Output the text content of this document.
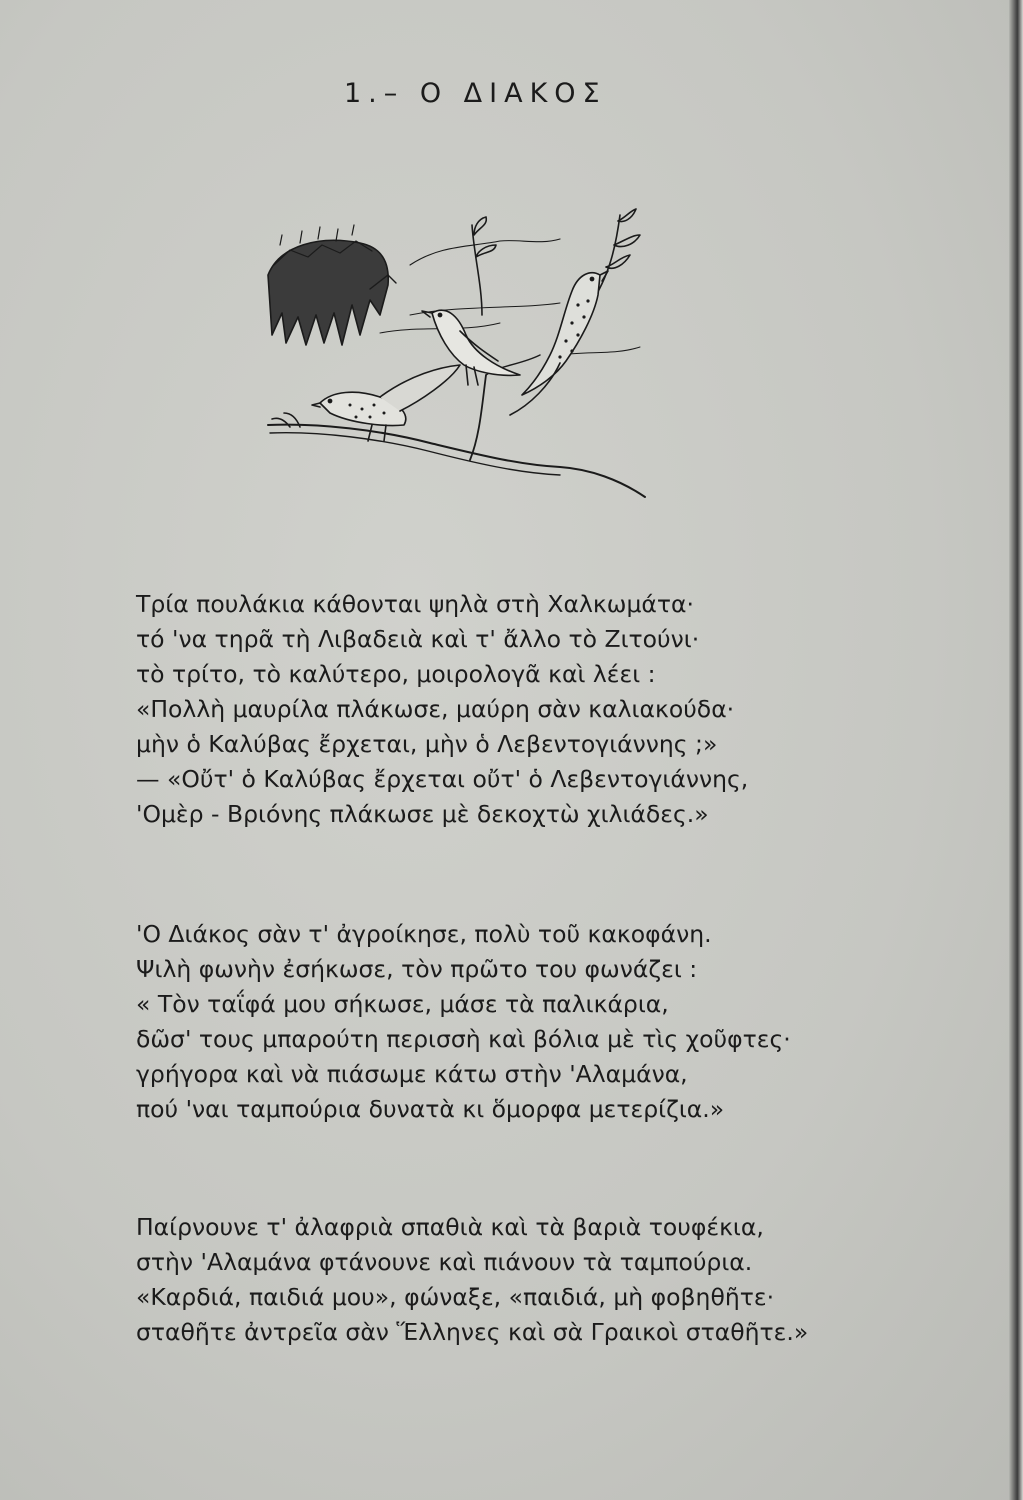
1.– Ο ΔΙΑΚΟΣ
Τρία πουλάκια κάθονται ψηλὰ στὴ Χαλκωμάτα·
τό 'να τηρᾶ τὴ Λιβαδειὰ καὶ τ' ἄλλο τὸ Ζιτούνι·
τὸ τρίτο, τὸ καλύτερο, μοιρολογᾶ καὶ λέει :
«Πολλὴ μαυρίλα πλάκωσε, μαύρη σὰν καλιακούδα·
μὴν ὁ Καλύβας ἔρχεται, μὴν ὁ Λεβεντογιάννης ;»
— «Οὔτ' ὁ Καλύβας ἔρχεται οὔτ' ὁ Λεβεντογιάννης,
'Ομὲρ - Βριόνης πλάκωσε μὲ δεκοχτὼ χιλιάδες.»
'Ο Διάκος σὰν τ' ἀγροίκησε, πολὺ τοῦ κακοφάνη.
Ψιλὴ φωνὴν ἐσήκωσε, τὸν πρῶτο του φωνάζει :
« Τὸν ταΐφά μου σήκωσε, μάσε τὰ παλικάρια,
δῶσ' τους μπαρούτη περισσὴ καὶ βόλια μὲ τὶς χοῦφτες·
γρήγορα καὶ νὰ πιάσωμε κάτω στὴν 'Αλαμάνα,
πού 'ναι ταμπούρια δυνατὰ κι ὅμορφα μετερίζια.»
Παίρνουνε τ' ἀλαφριὰ σπαθιὰ καὶ τὰ βαριὰ τουφέκια,
στὴν 'Αλαμάνα φτάνουνε καὶ πιάνουν τὰ ταμπούρια.
«Καρδιά, παιδιά μου», φώναξε, «παιδιά, μὴ φοβηθῆτε·
σταθῆτε ἀντρεῖα σὰν Ἕλληνες καὶ σὰ Γραικοὶ σταθῆτε.»
